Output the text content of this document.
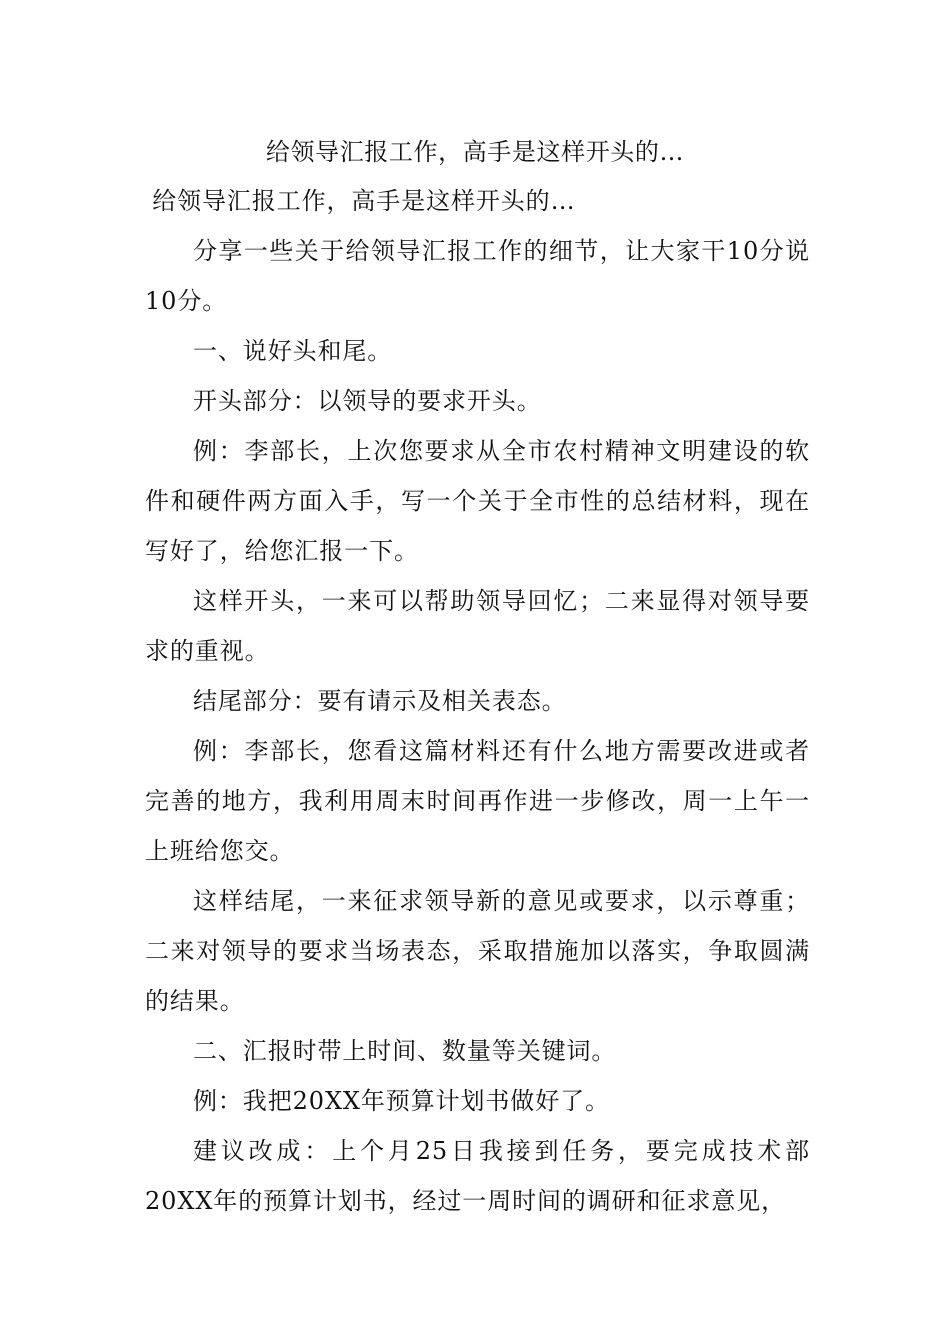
给领导汇报工作，高手是这样开头的…

给领导汇报工作，高手是这样开头的…

分享一些关于给领导汇报工作的细节，让大家干10分说10分。

一、说好头和尾。

开头部分：以领导的要求开头。

例：李部长，上次您要求从全市农村精神文明建设的软件和硬件两方面入手，写一个关于全市性的总结材料，现在写好了，给您汇报一下。

这样开头，一来可以帮助领导回忆；二来显得对领导要求的重视。

结尾部分：要有请示及相关表态。

例：李部长，您看这篇材料还有什么地方需要改进或者完善的地方，我利用周末时间再作进一步修改，周一上午一上班给您交。

这样结尾，一来征求领导新的意见或要求，以示尊重；二来对领导的要求当场表态，采取措施加以落实，争取圆满的结果。

二、汇报时带上时间、数量等关键词。

例：我把20XX年预算计划书做好了。

建议改成：上个月25日我接到任务，要完成技术部20XX年的预算计划书，经过一周时间的调研和征求意见，
